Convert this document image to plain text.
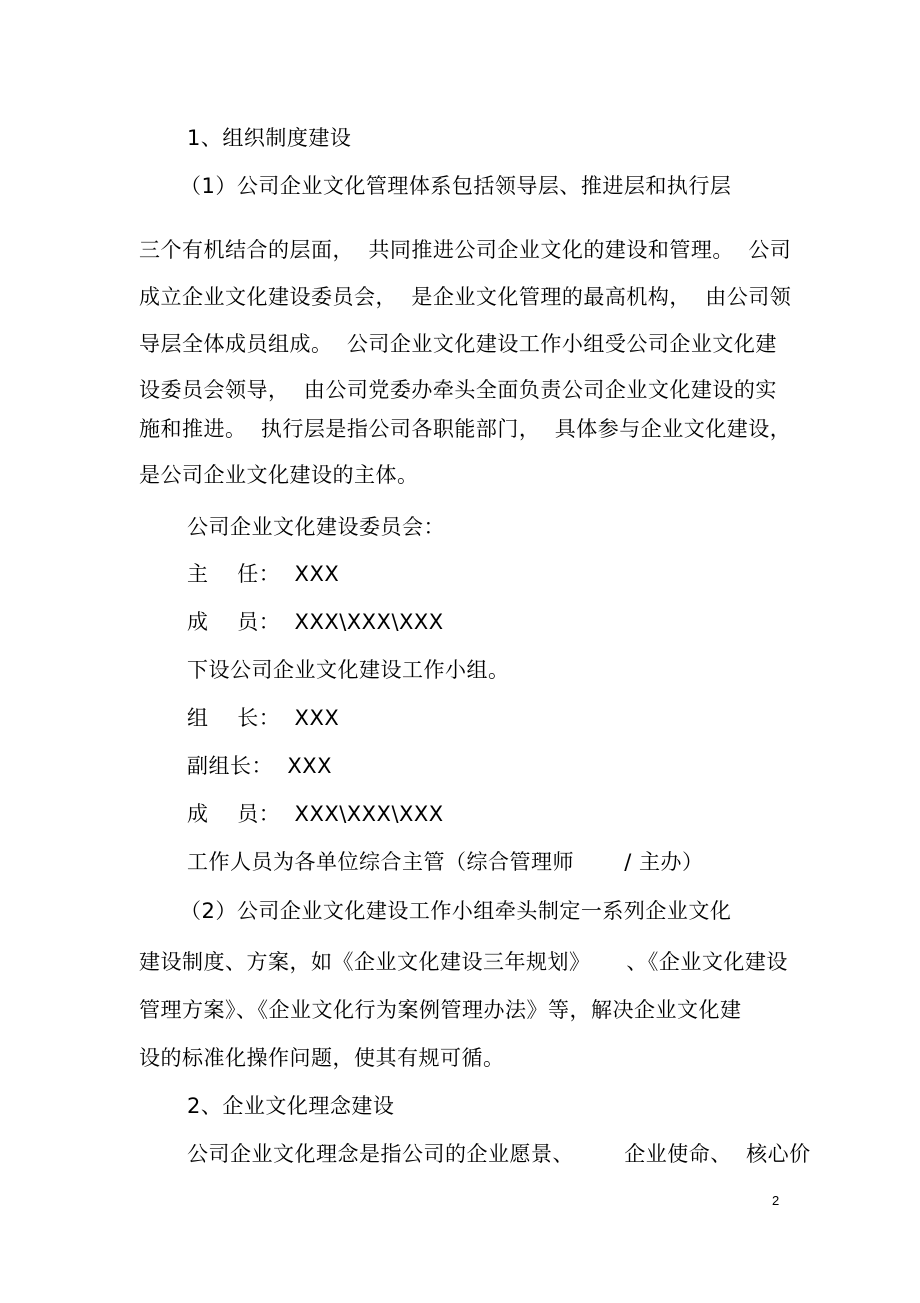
1、组织制度建设
（1）公司企业文化管理体系包括领导层、推进层和执行层
三个有机结合的层面，  共同推进公司企业文化的建设和管理。  公司
成立企业文化建设委员会，  是企业文化管理的最高机构，  由公司领
导层全体成员组成。  公司企业文化建设工作小组受公司企业文化建
设委员会领导，  由公司党委办牵头全面负责公司企业文化建设的实
施和推进。  执行层是指公司各职能部门，  具体参与企业文化建设，
是公司企业文化建设的主体。
公司企业文化建设委员会：
主    任：  XXX
成    员：  XXX\XXX\XXX
下设公司企业文化建设工作小组。
组    长：  XXX
副组长：  XXX
成    员：  XXX\XXX\XXX
工作人员为各单位综合主管（综合管理师       / 主办）
（2）公司企业文化建设工作小组牵头制定一系列企业文化
建设制度、方案，如《企业文化建设三年规划》     、《企业文化建设
管理方案》、《企业文化行为案例管理办法》等，解决企业文化建
设的标准化操作问题，使其有规可循。
2、企业文化理念建设
公司企业文化理念是指公司的企业愿景、       企业使命、  核心价
2
